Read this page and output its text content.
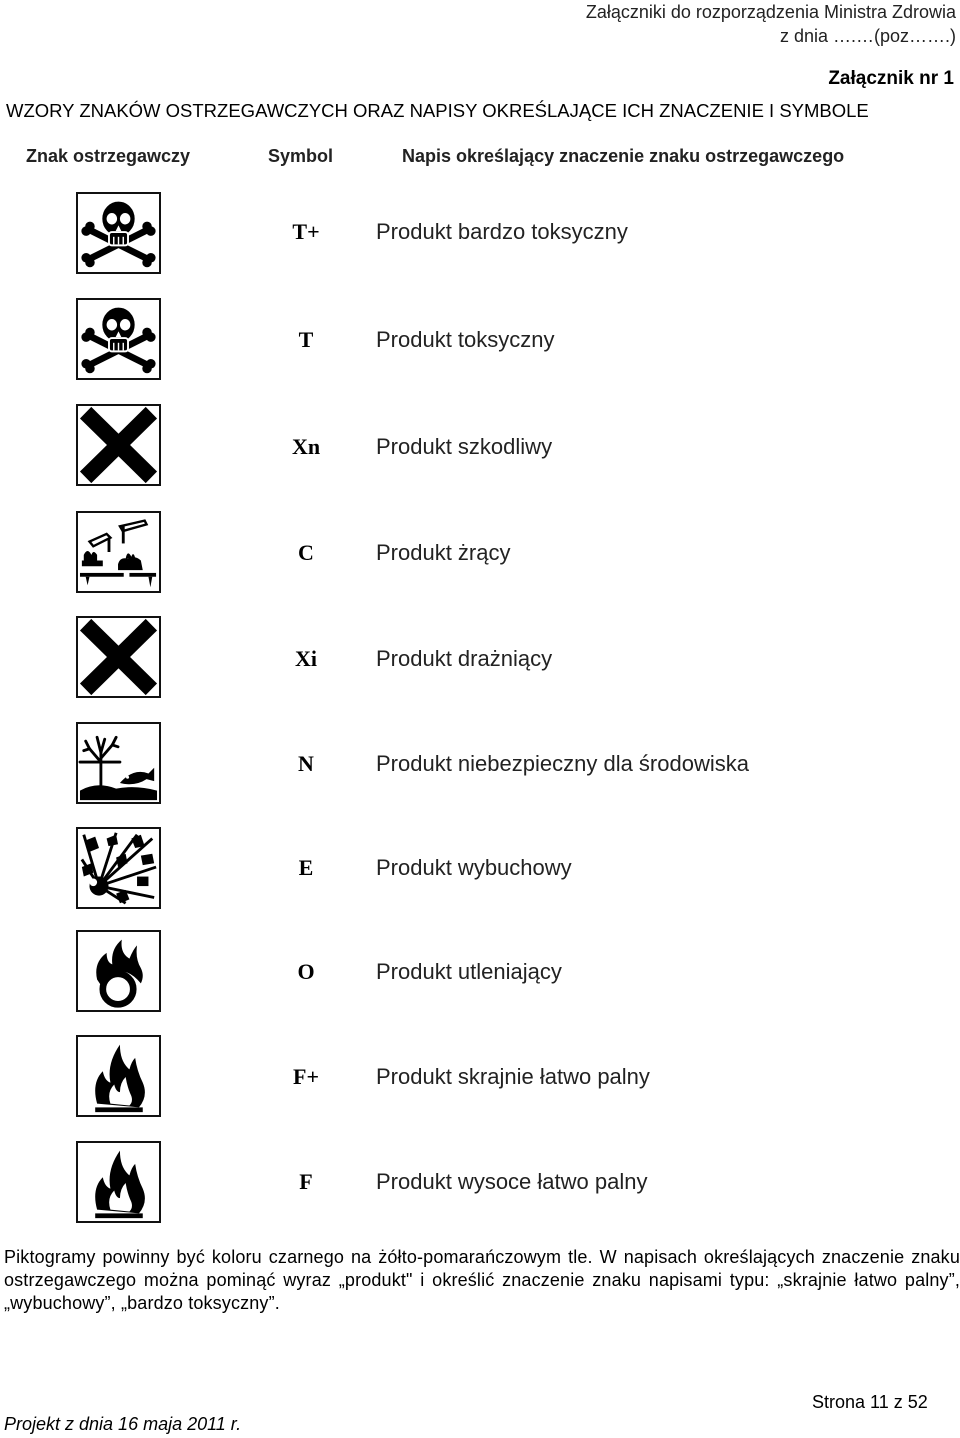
Załączniki do rozporządzenia Ministra Zdrowia
z dnia ….…(poz…….)
Załącznik nr 1
WZORY ZNAKÓW OSTRZEGAWCZYCH ORAZ NAPISY OKREŚLAJĄCE ICH ZNACZENIE I SYMBOLE
Znak ostrzegawczy	Symbol	Napis określający znaczenie znaku ostrzegawczego
T+	Produkt bardzo toksyczny
T	Produkt toksyczny
Xn	Produkt szkodliwy
C	Produkt żrący
Xi	Produkt drażniący
N	Produkt niebezpieczny dla środowiska
E	Produkt wybuchowy
O	Produkt utleniający
F+	Produkt skrajnie łatwo palny
F	Produkt wysoce łatwo palny
Piktogramy powinny być koloru czarnego na żółto-pomarańczowym tle. W napisach określających znaczenie znaku ostrzegawczego można pominąć wyraz „produkt" i określić znaczenie znaku napisami typu: „skrajnie łatwo palny”, „wybuchowy”, „bardzo toksyczny”.
Strona 11 z 52
Projekt z dnia 16 maja 2011 r.
